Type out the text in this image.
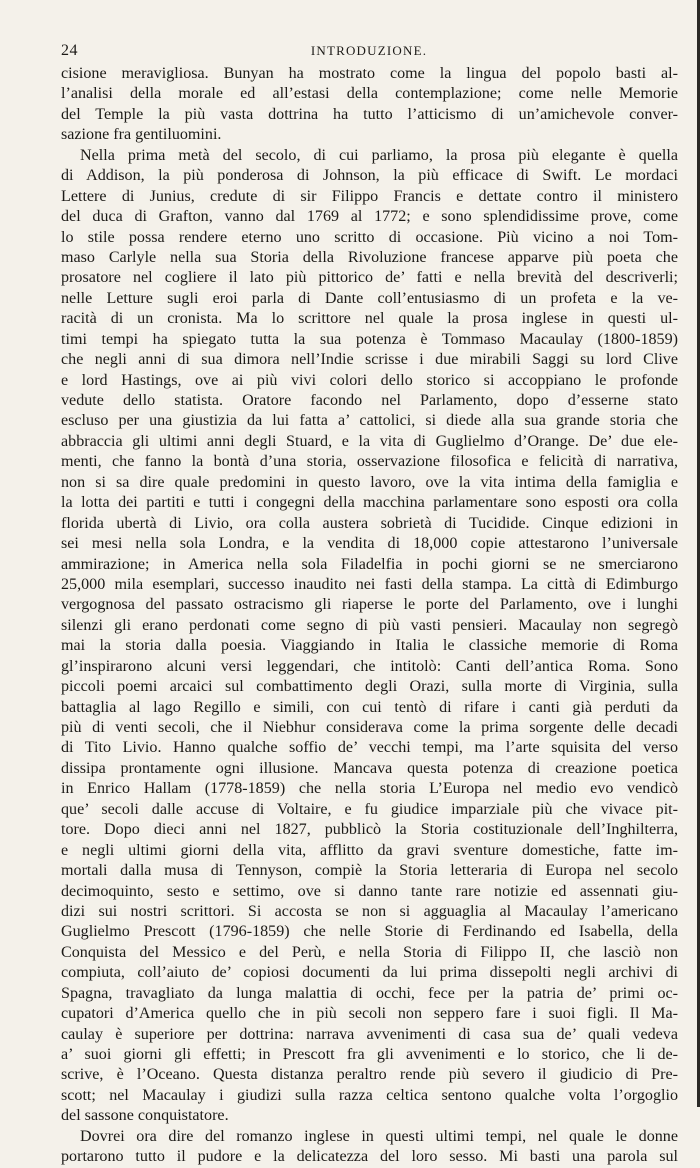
24	INTRODUZIONE.
cisione meravigliosa. Bunyan ha mostrato come la lingua del popolo basti al-
l’analisi della morale ed all’estasi della contemplazione; come nelle Memorie
del Temple la più vasta dottrina ha tutto l’atticismo di un’amichevole conver-
sazione fra gentiluomini.
Nella prima metà del secolo, di cui parliamo, la prosa più elegante è quella
di Addison, la più ponderosa di Johnson, la più efficace di Swift. Le mordaci
Lettere di Junius, credute di sir Filippo Francis e dettate contro il ministero
del duca di Grafton, vanno dal 1769 al 1772; e sono splendidissime prove, come
lo stile possa rendere eterno uno scritto di occasione. Più vicino a noi Tom-
maso Carlyle nella sua Storia della Rivoluzione francese apparve più poeta che
prosatore nel cogliere il lato più pittorico de’ fatti e nella brevità del descriverli;
nelle Letture sugli eroi parla di Dante coll’entusiasmo di un profeta e la ve-
racità di un cronista. Ma lo scrittore nel quale la prosa inglese in questi ul-
timi tempi ha spiegato tutta la sua potenza è Tommaso Macaulay (1800-1859)
che negli anni di sua dimora nell’Indie scrisse i due mirabili Saggi su lord Clive
e lord Hastings, ove ai più vivi colori dello storico si accoppiano le profonde
vedute dello statista. Oratore facondo nel Parlamento, dopo d’esserne stato
escluso per una giustizia da lui fatta a’ cattolici, si diede alla sua grande storia che
abbraccia gli ultimi anni degli Stuard, e la vita di Guglielmo d’Orange. De’ due ele-
menti, che fanno la bontà d’una storia, osservazione filosofica e felicità di narrativa,
non si sa dire quale predomini in questo lavoro, ove la vita intima della famiglia e
la lotta dei partiti e tutti i congegni della macchina parlamentare sono esposti ora colla
florida ubertà di Livio, ora colla austera sobrietà di Tucidide. Cinque edizioni in
sei mesi nella sola Londra, e la vendita di 18,000 copie attestarono l’universale
ammirazione; in America nella sola Filadelfia in pochi giorni se ne smerciarono
25,000 mila esemplari, successo inaudito nei fasti della stampa. La città di Edimburgo
vergognosa del passato ostracismo gli riaperse le porte del Parlamento, ove i lunghi
silenzi gli erano perdonati come segno di più vasti pensieri. Macaulay non segregò
mai la storia dalla poesia. Viaggiando in Italia le classiche memorie di Roma
gl’inspirarono alcuni versi leggendari, che intitolò: Canti dell’antica Roma. Sono
piccoli poemi arcaici sul combattimento degli Orazi, sulla morte di Virginia, sulla
battaglia al lago Regillo e simili, con cui tentò di rifare i canti già perduti da
più di venti secoli, che il Niebhur considerava come la prima sorgente delle decadi
di Tito Livio. Hanno qualche soffio de’ vecchi tempi, ma l’arte squisita del verso
dissipa prontamente ogni illusione. Mancava questa potenza di creazione poetica
in Enrico Hallam (1778-1859) che nella storia L’Europa nel medio evo vendicò
que’ secoli dalle accuse di Voltaire, e fu giudice imparziale più che vivace pit-
tore. Dopo dieci anni nel 1827, pubblicò la Storia costituzionale dell’Inghilterra,
e negli ultimi giorni della vita, afflitto da gravi sventure domestiche, fatte im-
mortali dalla musa di Tennyson, compiè la Storia letteraria di Europa nel secolo
decimoquinto, sesto e settimo, ove si danno tante rare notizie ed assennati giu-
dizi sui nostri scrittori. Si accosta se non si agguaglia al Macaulay l’americano
Guglielmo Prescott (1796-1859) che nelle Storie di Ferdinando ed Isabella, della
Conquista del Messico e del Perù, e nella Storia di Filippo II, che lasciò non
compiuta, coll’aiuto de’ copiosi documenti da lui prima dissepolti negli archivi di
Spagna, travagliato da lunga malattia di occhi, fece per la patria de’ primi oc-
cupatori d’America quello che in più secoli non seppero fare i suoi figli. Il Ma-
caulay è superiore per dottrina: narrava avvenimenti di casa sua de’ quali vedeva
a’ suoi giorni gli effetti; in Prescott fra gli avvenimenti e lo storico, che li de-
scrive, è l’Oceano. Questa distanza peraltro rende più severo il giudicio di Pre-
scott; nel Macaulay i giudizi sulla razza celtica sentono qualche volta l’orgoglio
del sassone conquistatore.
Dovrei ora dire del romanzo inglese in questi ultimi tempi, nel quale le donne
portarono tutto il pudore e la delicatezza del loro sesso. Mi basti una parola sul
